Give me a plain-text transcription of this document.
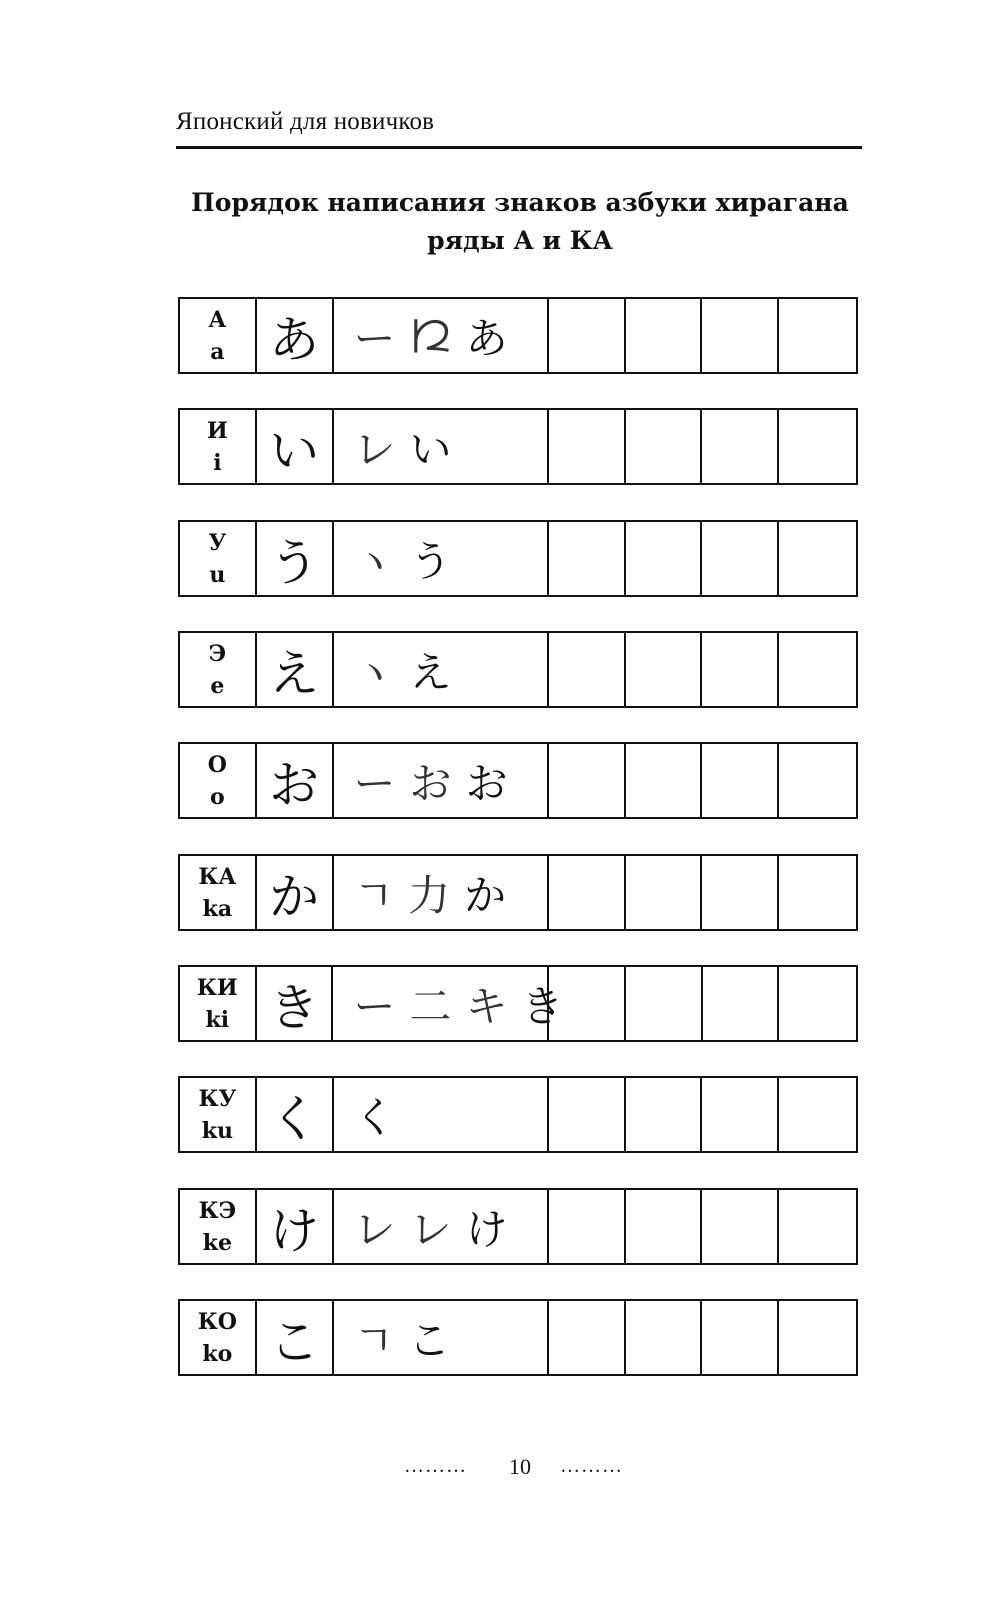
Японский для новичков
Порядок написания знаков азбуки хирагана
ряды А и КА
А
a あ ー 𛀁 あ
И
i い レ い
У
u う ヽ う
Э
e え ヽ え
О
o お ー お お
КА
ka か ㄱ 力 か
КИ
ki き ー 二 キ き
КУ
ku く く
КЭ
ke け レ レ け
КО
ko こ ㄱ こ
………	10	………
